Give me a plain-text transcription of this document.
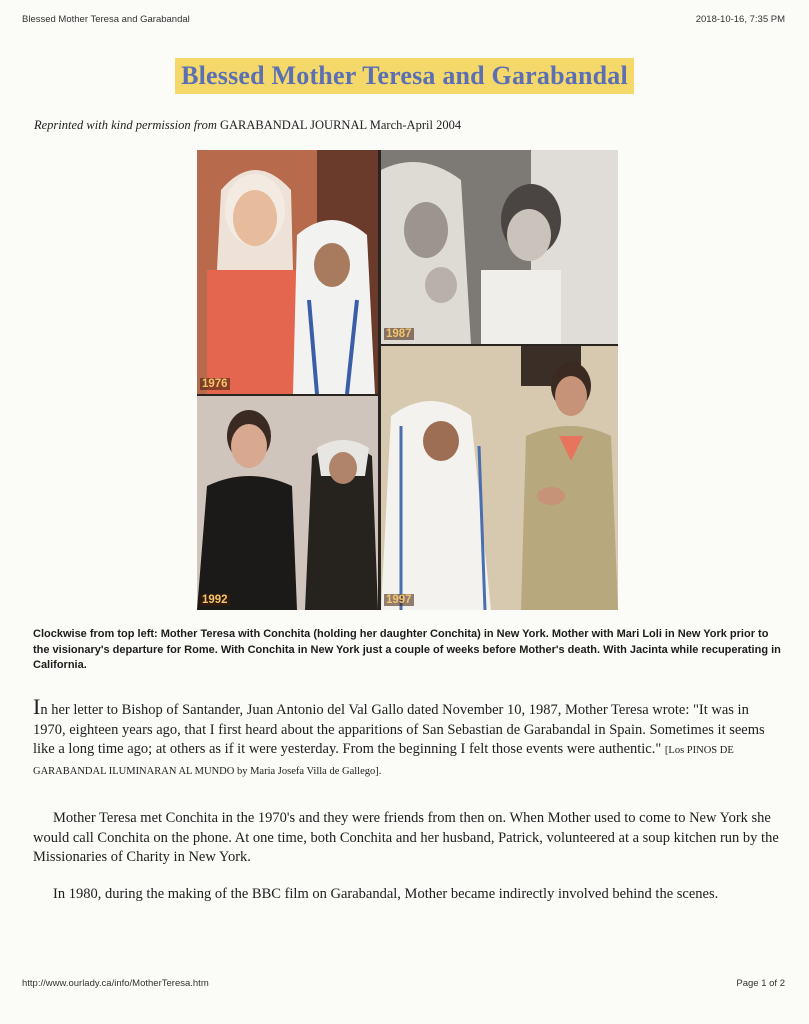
Blessed Mother Teresa and Garabandal	2018-10-16, 7:35 PM
Blessed Mother Teresa and Garabandal
Reprinted with kind permission from GARABANDAL JOURNAL March-April 2004
1976
1987
1992	1997
Clockwise from top left: Mother Teresa with Conchita (holding her daughter Conchita) in New York. Mother with Mari Loli in New York prior to the visionary's departure for Rome. With Conchita in New York just a couple of weeks before Mother's death. With Jacinta while recuperating in California.
In her letter to Bishop of Santander, Juan Antonio del Val Gallo dated November 10, 1987, Mother Teresa wrote: "It was in 1970, eighteen years ago, that I first heard about the apparitions of San Sebastian de Garabandal in Spain. Sometimes it seems like a long time ago; at others as if it were yesterday. From the beginning I felt those events were authentic." [Los PINOS DE GARABANDAL ILUMINARAN AL MUNDO by Maria Josefa Villa de Gallego].
Mother Teresa met Conchita in the 1970's and they were friends from then on. When Mother used to come to New York she would call Conchita on the phone. At one time, both Conchita and her husband, Patrick, volunteered at a soup kitchen run by the Missionaries of Charity in New York.
In 1980, during the making of the BBC film on Garabandal, Mother became indirectly involved behind the scenes.
http://www.ourlady.ca/info/MotherTeresa.htm	Page 1 of 2
